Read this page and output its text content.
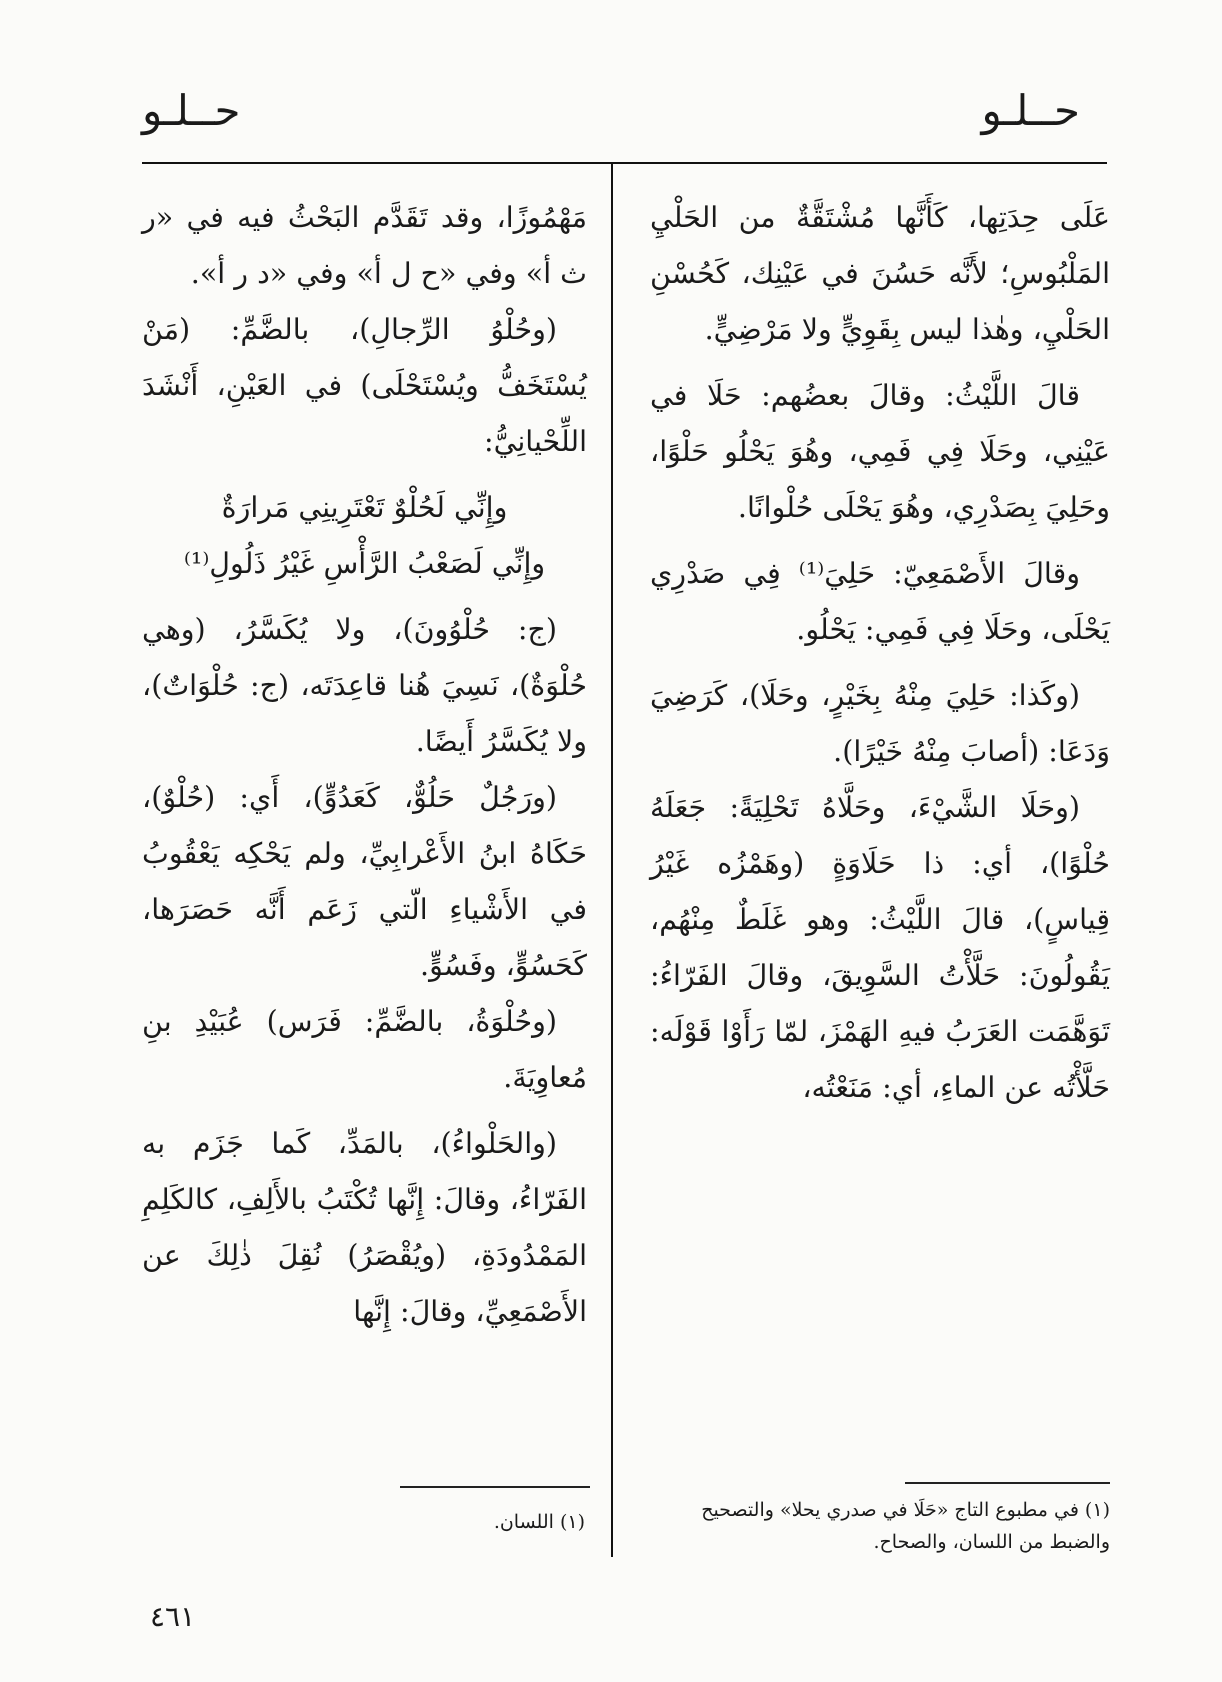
حــلـو
حــلـو

عَلَى حِدَتِها، كَأَنَّها مُشْتَقَّةٌ من الحَلْيِ المَلْبُوسِ؛ لأَنَّه حَسُنَ في عَيْنِك، كَحُسْنِ الحَلْيِ، وهٰذا ليس بِقَوِيٍّ ولا مَرْضِيٍّ.

قالَ اللَّيْثُ: وقالَ بعضُهم: حَلَا في عَيْنِي، وحَلَا فِي فَمِي، وهُوَ يَحْلُو حَلْوًا، وحَلِيَ بِصَدْرِي، وهُوَ يَحْلَى حُلْوانًا.

وقالَ الأَصْمَعِيّ: حَلِيَ⁽¹⁾ فِي صَدْرِي يَحْلَى، وحَلَا فِي فَمِي: يَحْلُو.

(وكَذا: حَلِيَ مِنْهُ بِخَيْرٍ، وحَلَا)، كَرَضِيَ وَدَعَا: (أصابَ مِنْهُ خَيْرًا).

(وحَلَا الشَّيْءَ، وحَلَّاهُ تَحْلِيَةً: جَعَلَهُ حُلْوًا)، أي: ذا حَلَاوَةٍ (وهَمْزُه غَيْرُ قِياسٍ)، قالَ اللَّيْثُ: وهو غَلَطٌ مِنْهُم، يَقُولُونَ: حَلَّأْتُ السَّوِيقَ، وقالَ الفَرّاءُ: تَوَهَّمَت العَرَبُ فيهِ الهَمْزَ، لمّا رَأَوْا قَوْلَه: حَلَّأْتُه عن الماءِ، أي: مَنَعْتُه،

(١) في مطبوع التاج «حَلَا في صدري يحلا» والتصحيح والضبط من اللسان، والصحاح.

مَهْمُوزًا، وقد تَقَدَّم البَحْثُ فيه في «ر ث أ» وفي «ح ل أ» وفي «د ر أ».

(وحُلْوُ الرِّجالِ)، بالضَّمِّ: (مَنْ يُسْتَخَفُّ ويُسْتَحْلَى) في العَيْنِ، أَنْشَدَ اللِّحْيانِيُّ:

وإِنِّي لَحُلْوٌ تَعْتَرِينِي مَرارَةٌ

وإِنِّي لَصَعْبُ الرَّأْسِ غَيْرُ ذَلُولِ⁽¹⁾

(ج: حُلْوُونَ)، ولا يُكَسَّرُ، (وهي حُلْوَةٌ)، نَسِيَ هُنا قاعِدَتَه، (ج: حُلْوَاتٌ)، ولا يُكَسَّرُ أَيضًا.

(ورَجُلٌ حَلُوٌّ، كَعَدُوٍّ)، أَي: (حُلْوٌ)، حَكَاهُ ابنُ الأَعْرابِيِّ، ولم يَحْكِه يَعْقُوبُ في الأَشْياءِ الّتي زَعَم أَنَّه حَصَرَها، كَحَسُوٍّ، وفَسُوٍّ.

(وحُلْوَةُ، بالضَّمِّ: فَرَس) عُبَيْدِ بنِ مُعاوِيَةَ.

(والحَلْواءُ)، بالمَدِّ، كَما جَزَم به الفَرّاءُ، وقالَ: إِنَّها تُكْتَبُ بالأَلِفِ، كالكَلِمِ المَمْدُودَةِ، (ويُقْصَرُ) نُقِلَ ذٰلِكَ عن الأَصْمَعِيِّ، وقالَ: إِنَّها

(١) اللسان.
٤٦١
